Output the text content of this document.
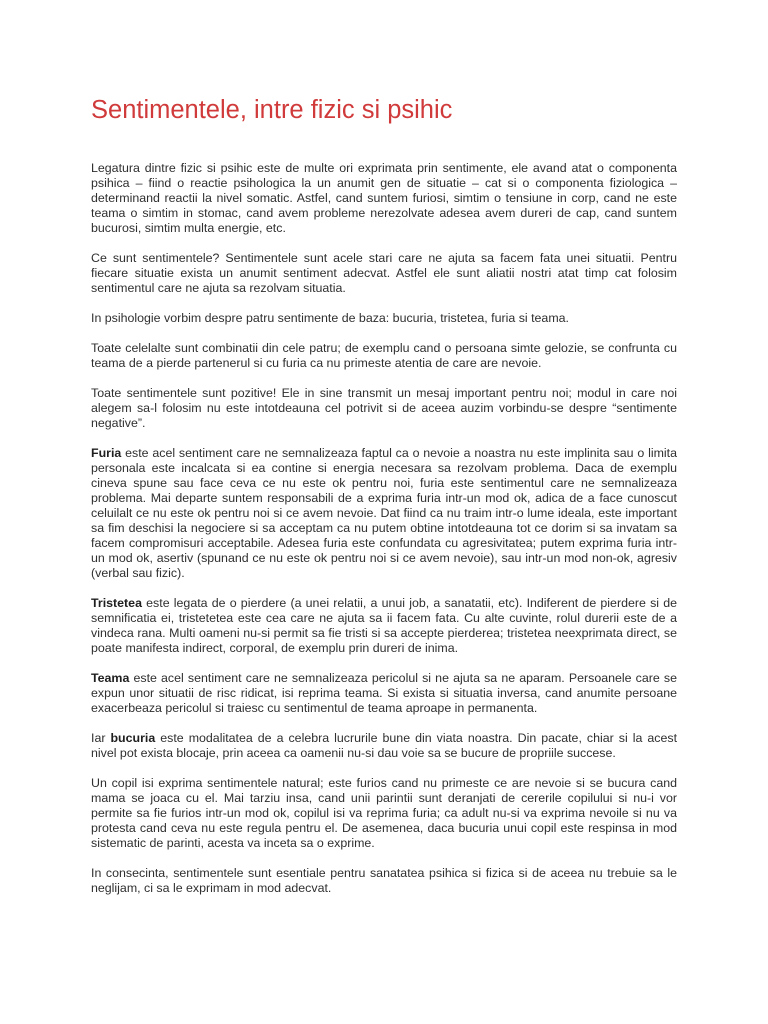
Sentimentele, intre fizic si psihic

Legatura dintre fizic si psihic este de multe ori exprimata prin sentimente, ele avand atat o componenta psihica – fiind o reactie psihologica la un anumit gen de situatie – cat si o componenta fiziologica – determinand reactii la nivel somatic. Astfel, cand suntem furiosi, simtim o tensiune in corp, cand ne este teama o simtim in stomac, cand avem probleme nerezolvate adesea avem dureri de cap, cand suntem bucurosi, simtim multa energie, etc.

Ce sunt sentimentele? Sentimentele sunt acele stari care ne ajuta sa facem fata unei situatii. Pentru fiecare situatie exista un anumit sentiment adecvat. Astfel ele sunt aliatii nostri atat timp cat folosim sentimentul care ne ajuta sa rezolvam situatia.

In psihologie vorbim despre patru sentimente de baza: bucuria, tristetea, furia si teama.

Toate celelalte sunt combinatii din cele patru; de exemplu cand o persoana simte gelozie, se confrunta cu teama de a pierde partenerul si cu furia ca nu primeste atentia de care are nevoie.

Toate sentimentele sunt pozitive! Ele in sine transmit un mesaj important pentru noi; modul in care noi alegem sa-l folosim nu este intotdeauna cel potrivit si de aceea auzim vorbindu-se despre “sentimente negative”.

Furia este acel sentiment care ne semnalizeaza faptul ca o nevoie a noastra nu este implinita sau o limita personala este incalcata si ea contine si energia necesara sa rezolvam problema. Daca de exemplu cineva spune sau face ceva ce nu este ok pentru noi, furia este sentimentul care ne semnalizeaza problema. Mai departe suntem responsabili de a exprima furia intr-un mod ok, adica de a face cunoscut celuilalt ce nu este ok pentru noi si ce avem nevoie. Dat fiind ca nu traim intr-o lume ideala, este important sa fim deschisi la negociere si sa acceptam ca nu putem obtine intotdeauna tot ce dorim si sa invatam sa facem compromisuri acceptabile. Adesea furia este confundata cu agresivitatea; putem exprima furia intr-un mod ok, asertiv (spunand ce nu este ok pentru noi si ce avem nevoie), sau intr-un mod non-ok, agresiv (verbal sau fizic).

Tristetea este legata de o pierdere (a unei relatii, a unui job, a sanatatii, etc). Indiferent de pierdere si de semnificatia ei, tristetetea este cea care ne ajuta sa ii facem fata. Cu alte cuvinte, rolul durerii este de a vindeca rana. Multi oameni nu-si permit sa fie tristi si sa accepte pierderea; tristetea neexprimata direct, se poate manifesta indirect, corporal, de exemplu prin dureri de inima.

Teama este acel sentiment care ne semnalizeaza pericolul si ne ajuta sa ne aparam. Persoanele care se expun unor situatii de risc ridicat, isi reprima teama. Si exista si situatia inversa, cand anumite persoane exacerbeaza pericolul si traiesc cu sentimentul de teama aproape in permanenta.

Iar bucuria este modalitatea de a celebra lucrurile bune din viata noastra. Din pacate, chiar si la acest nivel pot exista blocaje, prin aceea ca oamenii nu-si dau voie sa se bucure de propriile succese.

Un copil isi exprima sentimentele natural; este furios cand nu primeste ce are nevoie si se bucura cand mama se joaca cu el. Mai tarziu insa, cand unii parintii sunt deranjati de cererile copilului si nu-i vor permite sa fie furios intr-un mod ok, copilul isi va reprima furia; ca adult nu-si va exprima nevoile si nu va protesta cand ceva nu este regula pentru el. De asemenea, daca bucuria unui copil este respinsa in mod sistematic de parinti, acesta va inceta sa o exprime.

In consecinta, sentimentele sunt esentiale pentru sanatatea psihica si fizica si de aceea nu trebuie sa le neglijam, ci sa le exprimam in mod adecvat.
